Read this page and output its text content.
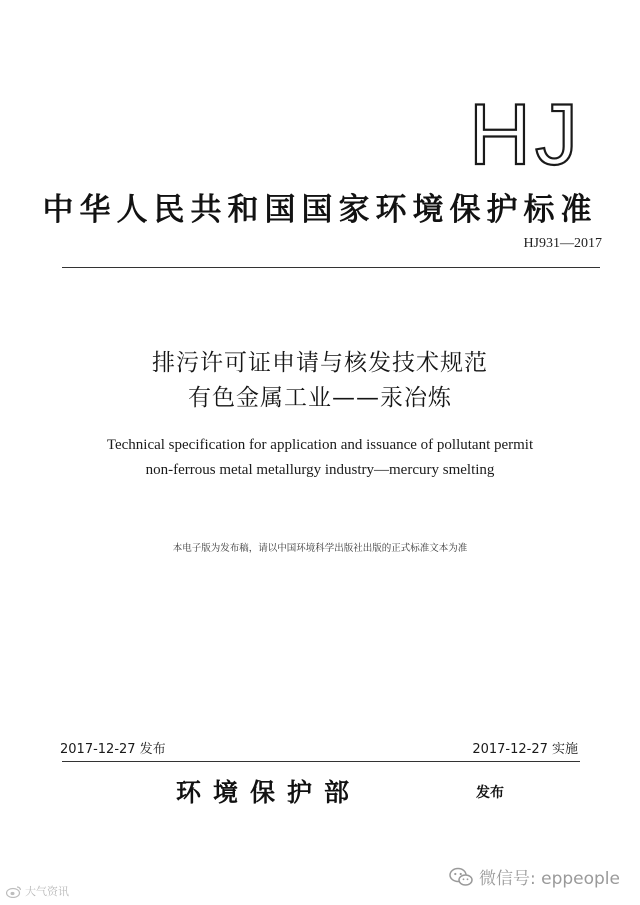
HJ
中华人民共和国国家环境保护标准
HJ931—2017
排污许可证申请与核发技术规范
有色金属工业——汞冶炼
Technical specification for application and issuance of pollutant permit
non-ferrous metal metallurgy industry—mercury smelting
本电子版为发布稿，请以中国环境科学出版社出版的正式标准文本为准
2017-12-27 发布	2017-12-27 实施
环境保护部	发布
大气资讯
微信号: eppeople
